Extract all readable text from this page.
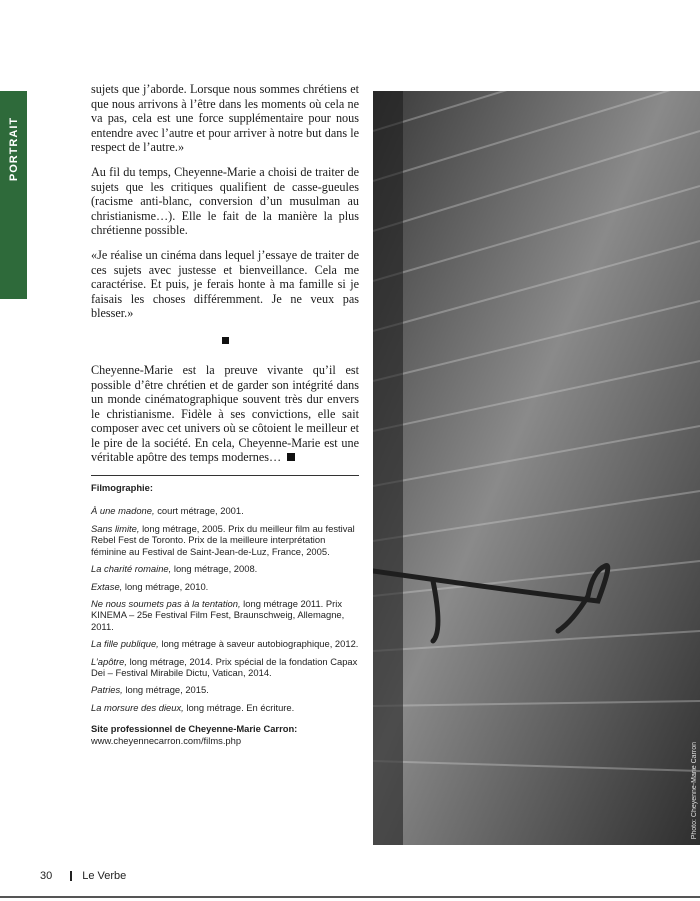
PORTRAIT

sujets que j’aborde. Lorsque nous sommes chrétiens et que nous arrivons à l’être dans les moments où cela ne va pas, cela est une force supplémentaire pour nous entendre avec l’autre et pour arriver à notre but dans le respect de l’autre.»

Au fil du temps, Cheyenne-Marie a choisi de traiter de sujets que les critiques qualifient de casse-gueules (racisme anti-blanc, conversion d’un musulman au christianisme…). Elle le fait de la manière la plus chrétienne possible.

«Je réalise un cinéma dans lequel j’essaye de traiter de ces sujets avec justesse et bienveillance. Cela me caractérise. Et puis, je ferais honte à ma famille si je faisais les choses différemment. Je ne veux pas blesser.»

Cheyenne-Marie est la preuve vivante qu’il est possible d’être chrétien et de garder son intégrité dans un monde cinématographique souvent très dur envers le christianisme. Fidèle à ses convictions, elle sait composer avec cet univers où se côtoient le meilleur et le pire de la société. En cela, Cheyenne-Marie est une véritable apôtre des temps modernes…

Filmographie:
À une madone, court métrage, 2001.
Sans limite, long métrage, 2005. Prix du meilleur film au festival Rebel Fest de Toronto. Prix de la meilleure interprétation féminine au Festival de Saint-Jean-de-Luz, France, 2005.
La charité romaine, long métrage, 2008.
Extase, long métrage, 2010.
Ne nous soumets pas à la tentation, long métrage 2011. Prix KINEMA – 25e Festival Film Fest, Braunschweig, Allemagne, 2011.
La fille publique, long métrage à saveur autobiographique, 2012.
L’apôtre, long métrage, 2014. Prix spécial de la fondation Capax Dei – Festival Mirabile Dictu, Vatican, 2014.
Patries, long métrage, 2015.
La morsure des dieux, long métrage. En écriture.
Site professionnel de Cheyenne-Marie Carron:
www.cheyennecarron.com/films.php
Photo: Cheyenne-Marie Carron
30	Le Verbe
